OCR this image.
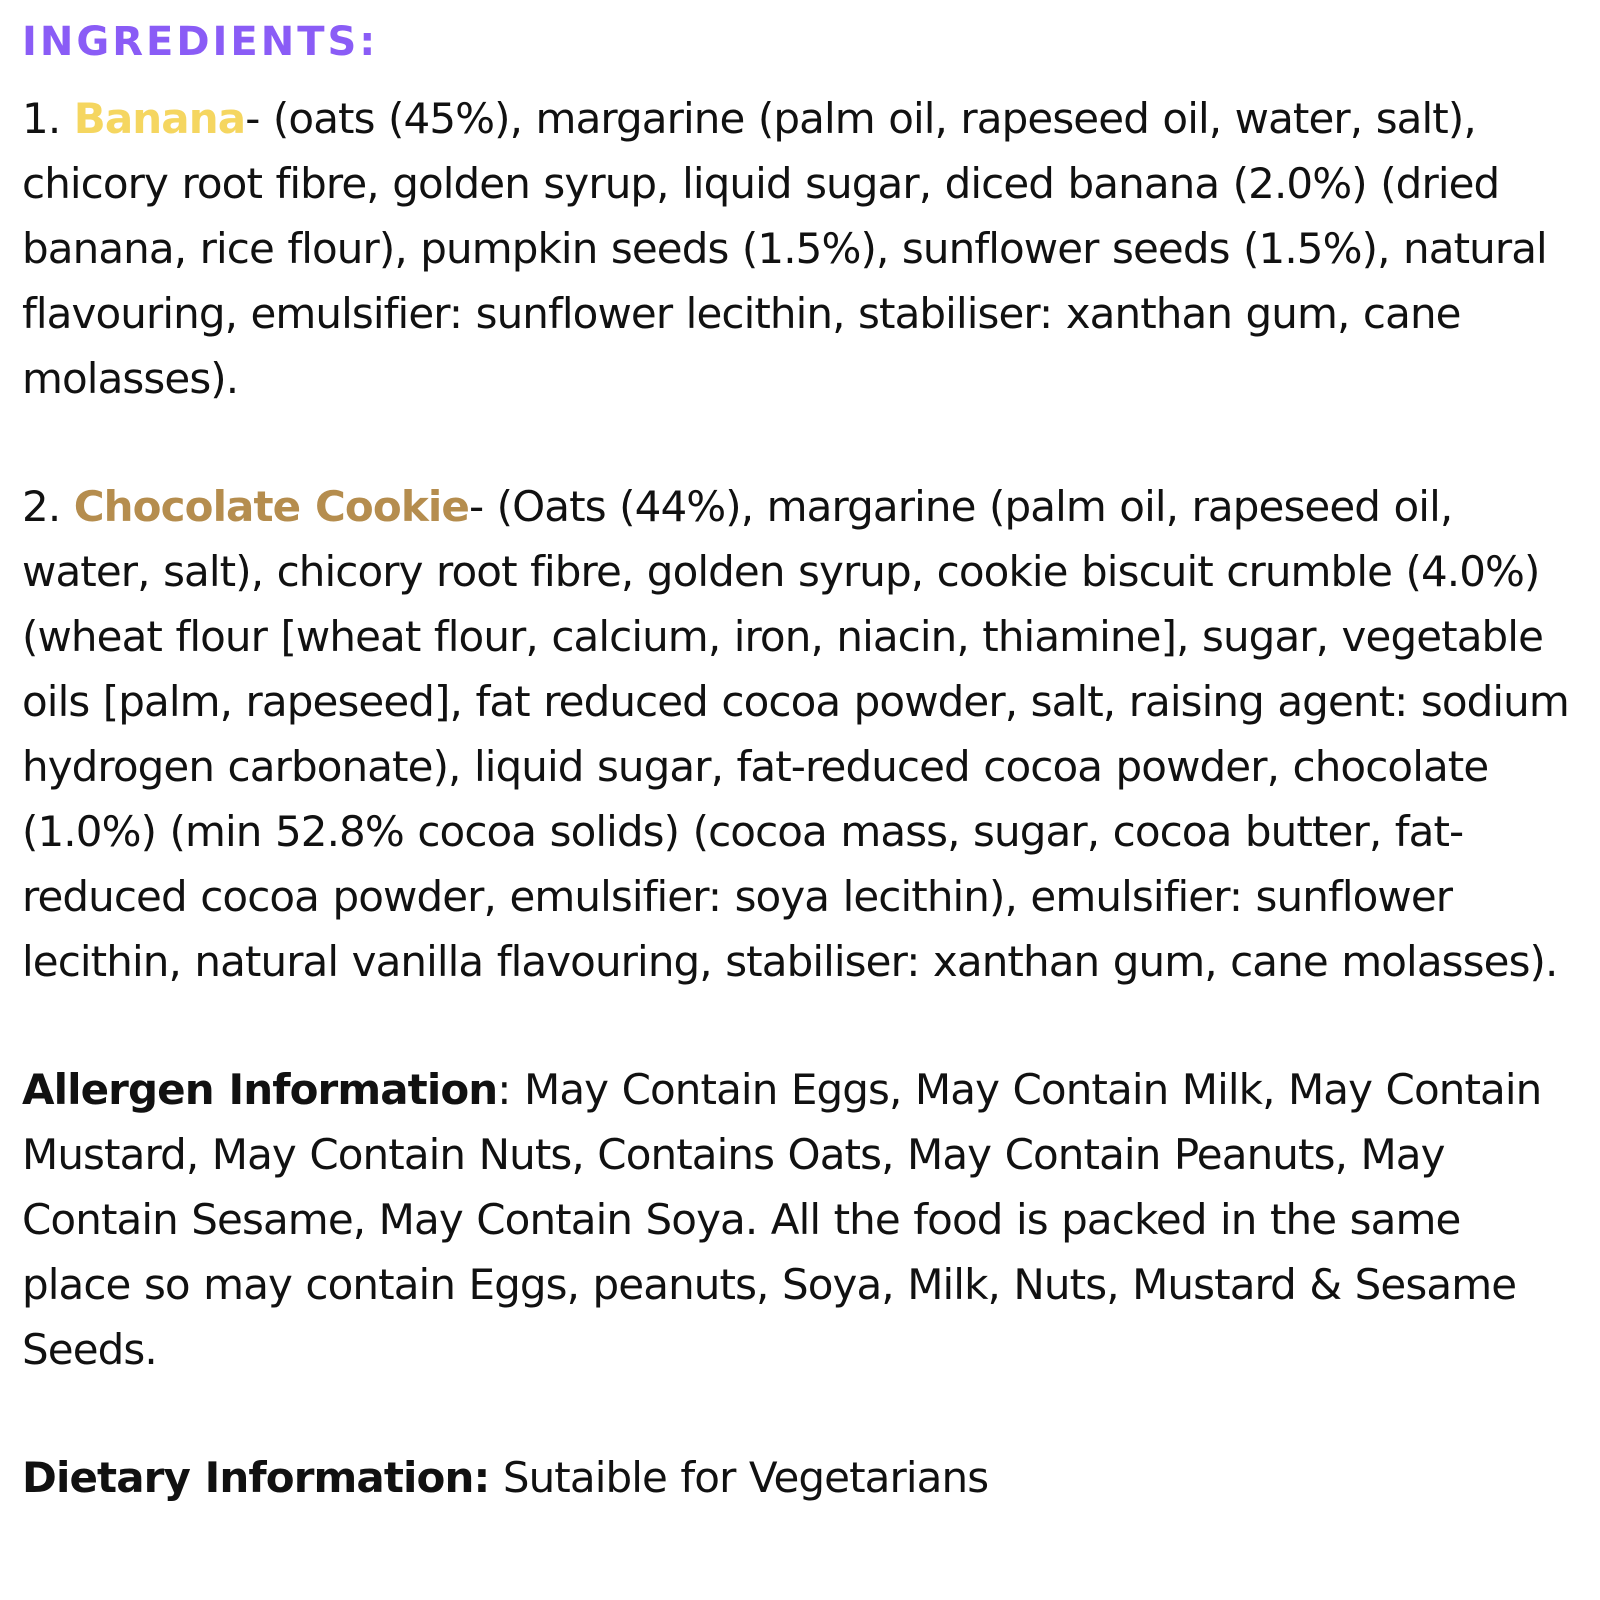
INGREDIENTS:

1. Banana- (oats (45%), margarine (palm oil, rapeseed oil, water, salt), chicory root fibre, golden syrup, liquid sugar, diced banana (2.0%) (dried banana, rice flour), pumpkin seeds (1.5%), sunflower seeds (1.5%), natural flavouring, emulsifier: sunflower lecithin, stabiliser: xanthan gum, cane molasses).

2. Chocolate Cookie- (Oats (44%), margarine (palm oil, rapeseed oil, water, salt), chicory root fibre, golden syrup, cookie biscuit crumble (4.0%) (wheat flour [wheat flour, calcium, iron, niacin, thiamine], sugar, vegetable oils [palm, rapeseed], fat reduced cocoa powder, salt, raising agent: sodium hydrogen carbonate), liquid sugar, fat-reduced cocoa powder, chocolate (1.0%) (min 52.8% cocoa solids) (cocoa mass, sugar, cocoa butter, fat-reduced cocoa powder, emulsifier: soya lecithin), emulsifier: sunflower lecithin, natural vanilla flavouring, stabiliser: xanthan gum, cane molasses).

Allergen Information: May Contain Eggs, May Contain Milk, May Contain Mustard, May Contain Nuts, Contains Oats, May Contain Peanuts, May Contain Sesame, May Contain Soya. All the food is packed in the same place so may contain Eggs, peanuts, Soya, Milk, Nuts, Mustard & Sesame Seeds.

Dietary Information: Sutaible for Vegetarians
